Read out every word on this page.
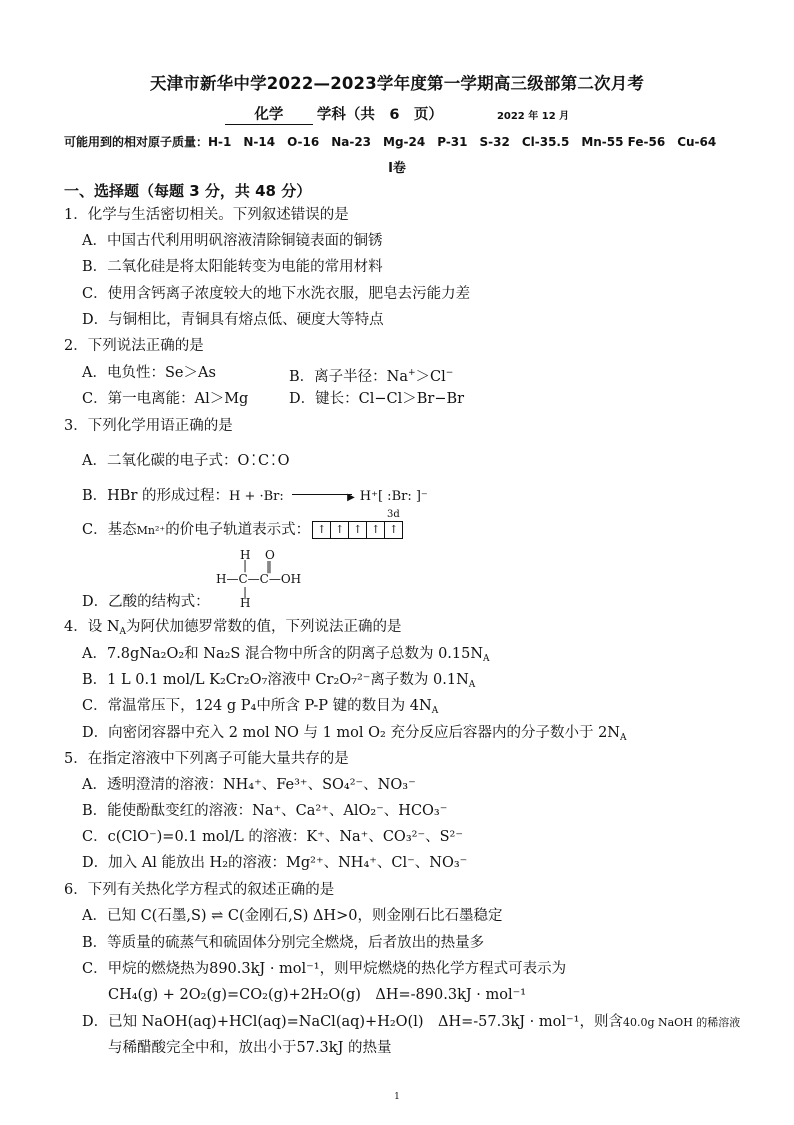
天津市新华中学2022—2023学年度第一学期高三级部第二次月考
化学 学科（共　6　页）	2022 年 12 月
可能用到的相对原子质量：H-1　N-14　O-16　Na-23　Mg-24　P-31　S-32　Cl-35.5　Mn-55 Fe-56　Cu-64
Ⅰ卷
一、选择题（每题 3 分，共 48 分）
1．化学与生活密切相关。下列叙述错误的是
A．中国古代利用明矾溶液清除铜镜表面的铜锈
B．二氧化硅是将太阳能转变为电能的常用材料
C．使用含钙离子浓度较大的地下水洗衣服，肥皂去污能力差
D．与铜相比，青铜具有熔点低、硬度大等特点
2．下列说法正确的是
A．电负性：Se＞As	B．离子半径：Na+＞Cl−
C．第一电离能：Al＞Mg	D．键长：Cl−Cl＞Br−Br
3．下列化学用语正确的是
A．二氧化碳的电子式：O⁚C⁚O
B．HBr 的形成过程：H + ·Br:	▶ H⁺[ :Br: ]⁻
3d
C．基态Mn²⁺的价电子轨道表示式： ↑ ↑ ↑ ↑ ↑
H O
| ‖
H—C—C—OH
|
H
D．乙酸的结构式：
4．设 $N_A$为阿伏加德罗常数的值，下列说法正确的是
A．7.8gNa₂O₂和 Na₂S 混合物中所含的阴离子总数为 $0.15N_A$
B．1 L 0.1 mol/L K₂Cr₂O₇溶液中 Cr₂O₇²⁻离子数为 $0.1N_A$
C．常温常压下，124 g P₄中所含 P-P 键的数目为 $4N_A$
D．向密闭容器中充入 2 mol NO 与 1 mol O₂ 充分反应后容器内的分子数小于 $2N_A$
5．在指定溶液中下列离子可能大量共存的是
A．透明澄清的溶液：NH₄⁺、Fe³⁺、SO₄²⁻、NO₃⁻
B．能使酚酞变红的溶液：Na⁺、Ca²⁺、AlO₂⁻、HCO₃⁻
C．c(ClO⁻)=0.1 mol/L 的溶液：K⁺、Na⁺、CO₃²⁻、S²⁻
D．加入 Al 能放出 H₂的溶液：Mg²⁺、NH₄⁺、Cl⁻、NO₃⁻
6．下列有关热化学方程式的叙述正确的是
A．已知 C(石墨,S) ⇌ C(金刚石,S) ΔH>0，则金刚石比石墨稳定
B．等质量的硫蒸气和硫固体分别完全燃烧，后者放出的热量多
C．甲烷的燃烧热为890.3kJ · mol⁻¹，则甲烷燃烧的热化学方程式可表示为
CH₄(g) + 2O₂(g)=CO₂(g)+2H₂O(g)　ΔH=-890.3kJ · mol⁻¹
D．已知 NaOH(aq)+HCl(aq)=NaCl(aq)+H₂O(l)　ΔH=-57.3kJ · mol⁻¹，则含40.0g NaOH 的稀溶液
与稀醋酸完全中和，放出小于57.3kJ 的热量
1
